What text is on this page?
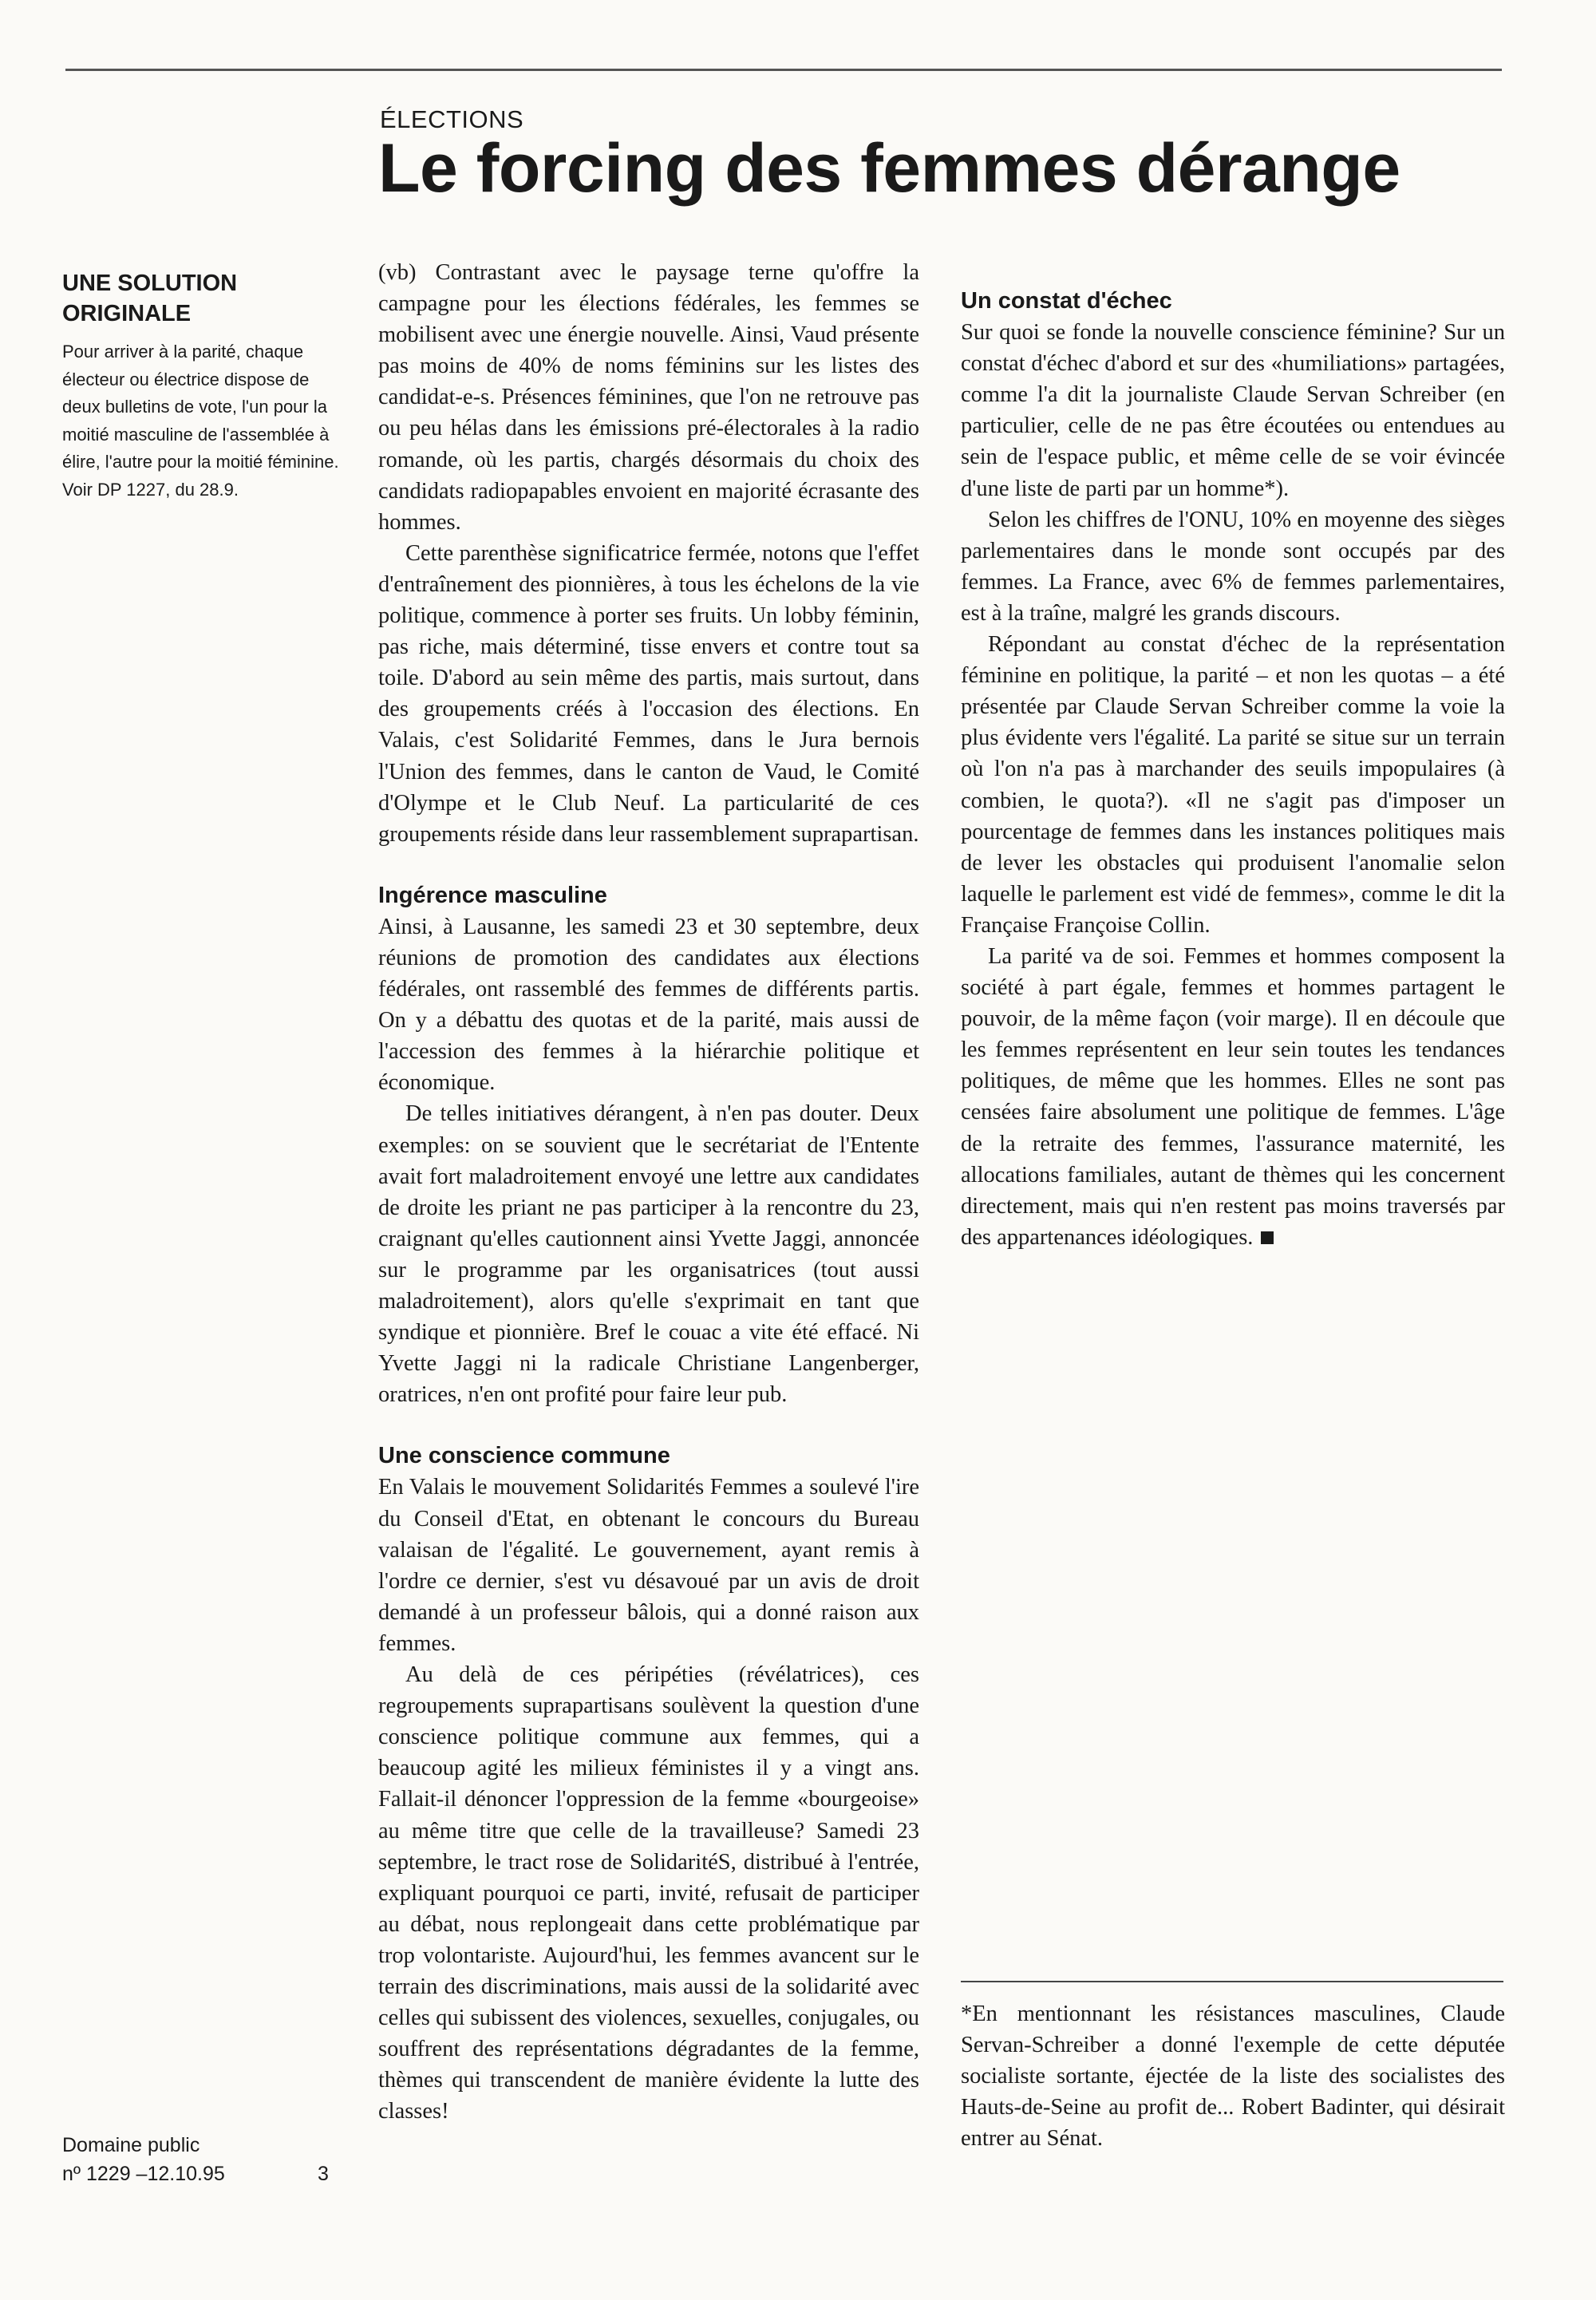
ÉLECTIONS
Le forcing des femmes dérange
UNE SOLUTION ORIGINALE

Pour arriver à la parité, chaque électeur ou électrice dispose de deux bulletins de vote, l'un pour la moitié masculine de l'assemblée à élire, l'autre pour la moitié féminine. Voir DP 1227, du 28.9.

Domaine public
nº 1229 –12.10.95	3

(vb) Contrastant avec le paysage terne qu'offre la campagne pour les élections fédérales, les femmes se mobilisent avec une énergie nouvelle. Ainsi, Vaud présente pas moins de 40% de noms féminins sur les listes des candidat-e-s. Présences féminines, que l'on ne retrouve pas ou peu hélas dans les émissions pré-électorales à la radio romande, où les partis, chargés désormais du choix des candidats radiopapables envoient en majorité écrasante des hommes.

Cette parenthèse significatrice fermée, notons que l'effet d'entraînement des pionnières, à tous les échelons de la vie politique, commence à porter ses fruits. Un lobby féminin, pas riche, mais déterminé, tisse envers et contre tout sa toile. D'abord au sein même des partis, mais surtout, dans des groupements créés à l'occasion des élections. En Valais, c'est Solidarité Femmes, dans le Jura bernois l'Union des femmes, dans le canton de Vaud, le Comité d'Olympe et le Club Neuf. La particularité de ces groupements réside dans leur rassemblement suprapartisan.

Ingérence masculine

Ainsi, à Lausanne, les samedi 23 et 30 septembre, deux réunions de promotion des candidates aux élections fédérales, ont rassemblé des femmes de différents partis. On y a débattu des quotas et de la parité, mais aussi de l'accession des femmes à la hiérarchie politique et économique.

De telles initiatives dérangent, à n'en pas douter. Deux exemples: on se souvient que le secrétariat de l'Entente avait fort maladroitement envoyé une lettre aux candidates de droite les priant ne pas participer à la rencontre du 23, craignant qu'elles cautionnent ainsi Yvette Jaggi, annoncée sur le programme par les organisatrices (tout aussi maladroitement), alors qu'elle s'exprimait en tant que syndique et pionnière. Bref le couac a vite été effacé. Ni Yvette Jaggi ni la radicale Christiane Langenberger, oratrices, n'en ont profité pour faire leur pub.

Une conscience commune

En Valais le mouvement Solidarités Femmes a soulevé l'ire du Conseil d'Etat, en obtenant le concours du Bureau valaisan de l'égalité. Le gouvernement, ayant remis à l'ordre ce dernier, s'est vu désavoué par un avis de droit demandé à un professeur bâlois, qui a donné raison aux femmes.

Au delà de ces péripéties (révélatrices), ces regroupements suprapartisans soulèvent la question d'une conscience politique commune aux femmes, qui a beaucoup agité les milieux féministes il y a vingt ans. Fallait-il dénoncer l'oppression de la femme «bourgeoise» au même titre que celle de la travailleuse? Samedi 23 septembre, le tract rose de SolidaritéS, distribué à l'entrée, expliquant pourquoi ce parti, invité, refusait de participer au débat, nous replongeait dans cette problématique par trop volontariste. Aujourd'hui, les femmes avancent sur le terrain des discriminations, mais aussi de la solidarité avec celles qui subissent des violences, sexuelles, conjugales, ou souffrent des représentations dégradantes de la femme, thèmes qui transcendent de manière évidente la lutte des classes!

Un constat d'échec

Sur quoi se fonde la nouvelle conscience féminine? Sur un constat d'échec d'abord et sur des «humiliations» partagées, comme l'a dit la journaliste Claude Servan Schreiber (en particulier, celle de ne pas être écoutées ou entendues au sein de l'espace public, et même celle de se voir évincée d'une liste de parti par un homme*).

Selon les chiffres de l'ONU, 10% en moyenne des sièges parlementaires dans le monde sont occupés par des femmes. La France, avec 6% de femmes parlementaires, est à la traîne, malgré les grands discours.

Répondant au constat d'échec de la représentation féminine en politique, la parité – et non les quotas – a été présentée par Claude Servan Schreiber comme la voie la plus évidente vers l'égalité. La parité se situe sur un terrain où l'on n'a pas à marchander des seuils impopulaires (à combien, le quota?). «Il ne s'agit pas d'imposer un pourcentage de femmes dans les instances politiques mais de lever les obstacles qui produisent l'anomalie selon laquelle le parlement est vidé de femmes», comme le dit la Française Françoise Collin.

La parité va de soi. Femmes et hommes composent la société à part égale, femmes et hommes partagent le pouvoir, de la même façon (voir marge). Il en découle que les femmes représentent en leur sein toutes les tendances politiques, de même que les hommes. Elles ne sont pas censées faire absolument une politique de femmes. L'âge de la retraite des femmes, l'assurance maternité, les allocations familiales, autant de thèmes qui les concernent directement, mais qui n'en restent pas moins traversés par des appartenances idéologiques.

*En mentionnant les résistances masculines, Claude Servan-Schreiber a donné l'exemple de cette députée socialiste sortante, éjectée de la liste des socialistes des Hauts-de-Seine au profit de... Robert Badinter, qui désirait entrer au Sénat.
